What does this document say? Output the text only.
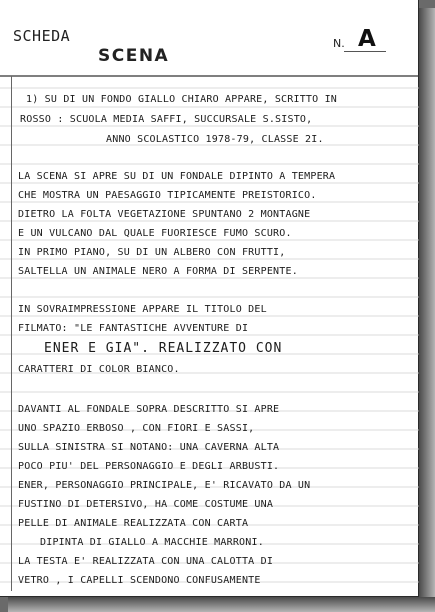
SCHEDA
SCENA
N. A
1) SU DI UN FONDO GIALLO CHIARO APPARE, SCRITTO IN
ROSSO : SCUOLA MEDIA SAFFI, SUCCURSALE S.SISTO,
ANNO SCOLASTICO 1978-79, CLASSE 2I.
LA SCENA SI APRE SU DI UN FONDALE DIPINTO A TEMPERA
CHE MOSTRA UN PAESAGGIO TIPICAMENTE PREISTORICO.
DIETRO LA FOLTA VEGETAZIONE SPUNTANO 2 MONTAGNE
E UN VULCANO DAL QUALE FUORIESCE FUMO SCURO.
IN PRIMO PIANO, SU DI UN ALBERO CON FRUTTI,
SALTELLA UN ANIMALE NERO A FORMA DI SERPENTE.
IN SOVRAIMPRESSIONE APPARE IL TITOLO DEL
FILMATO: "LE FANTASTICHE AVVENTURE DI
ENER E GIA". REALIZZATO CON
CARATTERI DI COLOR BIANCO.
DAVANTI AL FONDALE SOPRA DESCRITTO SI APRE
UNO SPAZIO ERBOSO , CON FIORI E SASSI,
SULLA SINISTRA SI NOTANO: UNA CAVERNA ALTA
POCO PIU' DEL PERSONAGGIO E DEGLI ARBUSTI.
ENER, PERSONAGGIO PRINCIPALE, E' RICAVATO DA UN
FUSTINO DI DETERSIVO, HA COME COSTUME UNA
PELLE DI ANIMALE REALIZZATA CON CARTA
DIPINTA DI GIALLO A MACCHIE MARRONI.
LA TESTA E' REALIZZATA CON UNA CALOTTA DI
VETRO , I CAPELLI SCENDONO CONFUSAMENTE
